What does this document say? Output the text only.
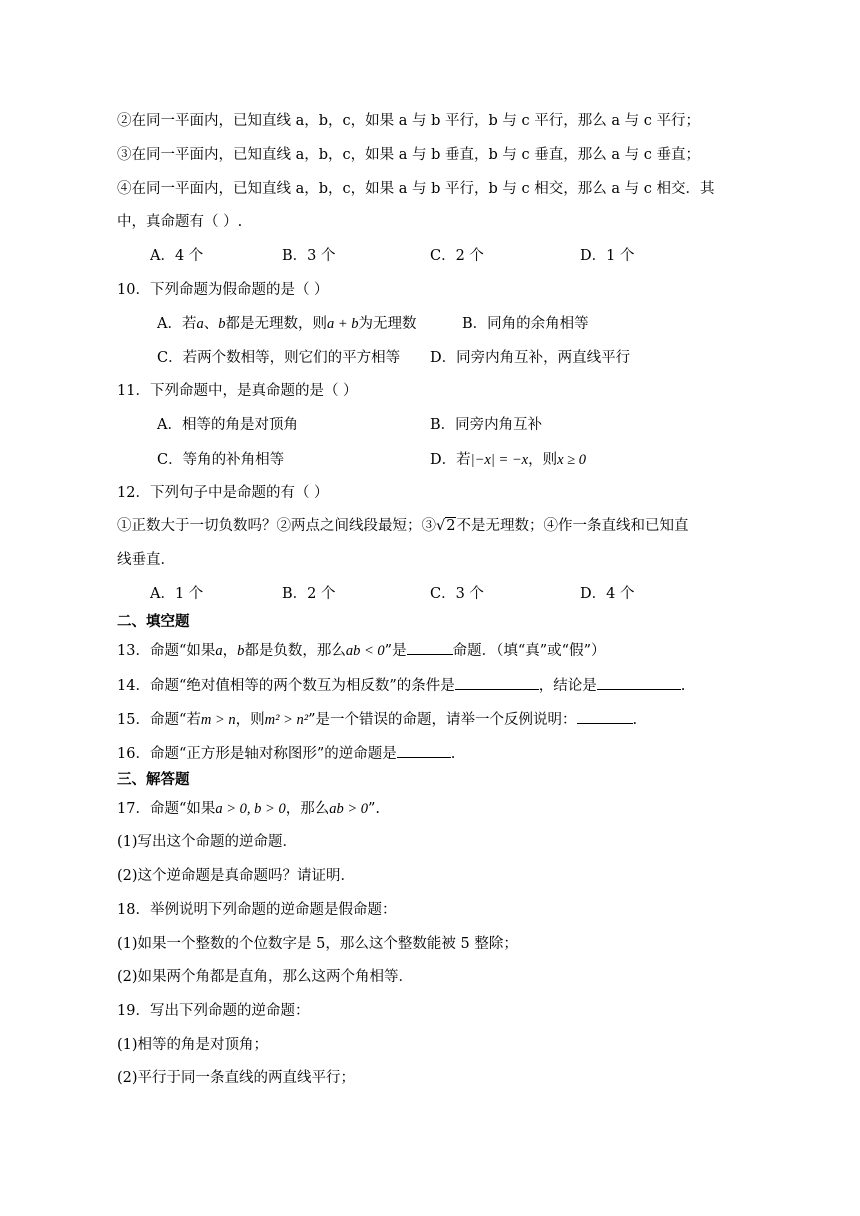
②在同一平面内，已知直线 a，b，c，如果 a 与 b 平行，b 与 c 平行，那么 a 与 c 平行；
③在同一平面内，已知直线 a，b，c，如果 a 与 b 垂直，b 与 c 垂直，那么 a 与 c 垂直；
④在同一平面内，已知直线 a，b，c，如果 a 与 b 平行，b 与 c 相交，那么 a 与 c 相交．其
中，真命题有（ ）.
A．4 个	B．3 个	C．2 个	D．1 个
10．下列命题为假命题的是（ ）
A．若a、b都是无理数，则a + b为无理数	B．同角的余角相等
C．若两个数相等，则它们的平方相等 D．同旁内角互补，两直线平行
11．下列命题中，是真命题的是（ ）
A．相等的角是对顶角	B．同旁内角互补
C．等角的补角相等	D．若|−x| = −x，则x ≥ 0
12．下列句子中是命题的有（ ）
①正数大于一切负数吗？②两点之间线段最短；③√2不是无理数；④作一条直线和已知直
线垂直．
A．1 个	B．2 个	C．3 个	D．4 个
二、填空题
13．命题“如果a，b都是负数，那么ab < 0”是	命题．（填“真”或“假”）
14．命题“绝对值相等的两个数互为相反数”的条件是	，结论是	.
15．命题“若m > n，则m² > n²”是一个错误的命题，请举一个反例说明：	.
16．命题“正方形是轴对称图形”的逆命题是	.
三、解答题
17．命题“如果a > 0, b > 0，那么ab > 0”.
(1)写出这个命题的逆命题．
(2)这个逆命题是真命题吗？请证明．
18．举例说明下列命题的逆命题是假命题：
(1)如果一个整数的个位数字是 5，那么这个整数能被 5 整除；
(2)如果两个角都是直角，那么这两个角相等．
19．写出下列命题的逆命题：
(1)相等的角是对顶角；
(2)平行于同一条直线的两直线平行；
